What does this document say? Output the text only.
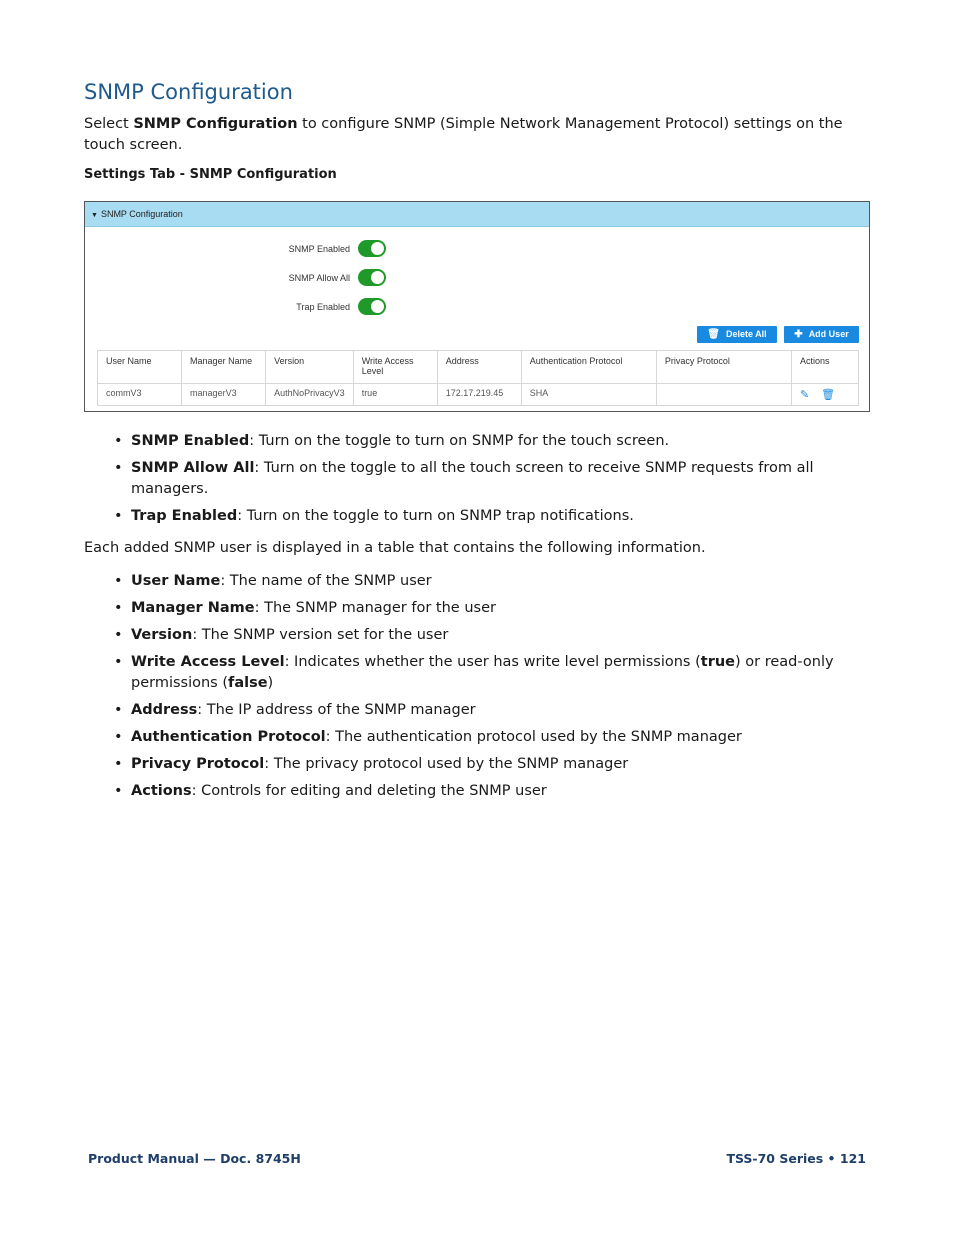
SNMP Configuration

Select SNMP Configuration to configure SNMP (Simple Network Management Protocol) settings on the touch screen.

Settings Tab - SNMP Configuration

▼ SNMP Configuration
SNMP Enabled
SNMP Allow All
Trap Enabled
🗑 Delete All	✚ Add User
User Name	Manager Name	Version	Write Access Level	Address	Authentication Protocol	Privacy Protocol	Actions
commV3	managerV3	AuthNoPrivacyV3	true	172.17.219.45	SHA		✎ 🗑
• SNMP Enabled: Turn on the toggle to turn on SNMP for the touch screen.
• SNMP Allow All: Turn on the toggle to all the touch screen to receive SNMP requests from all managers.
• Trap Enabled: Turn on the toggle to turn on SNMP trap notifications.

Each added SNMP user is displayed in a table that contains the following information.

• User Name: The name of the SNMP user
• Manager Name: The SNMP manager for the user
• Version: The SNMP version set for the user
• Write Access Level: Indicates whether the user has write level permissions (true) or read-only permissions (false)
• Address: The IP address of the SNMP manager
• Authentication Protocol: The authentication protocol used by the SNMP manager
• Privacy Protocol: The privacy protocol used by the SNMP manager
• Actions: Controls for editing and deleting the SNMP user
Product Manual — Doc. 8745H	TSS-70 Series • 121
